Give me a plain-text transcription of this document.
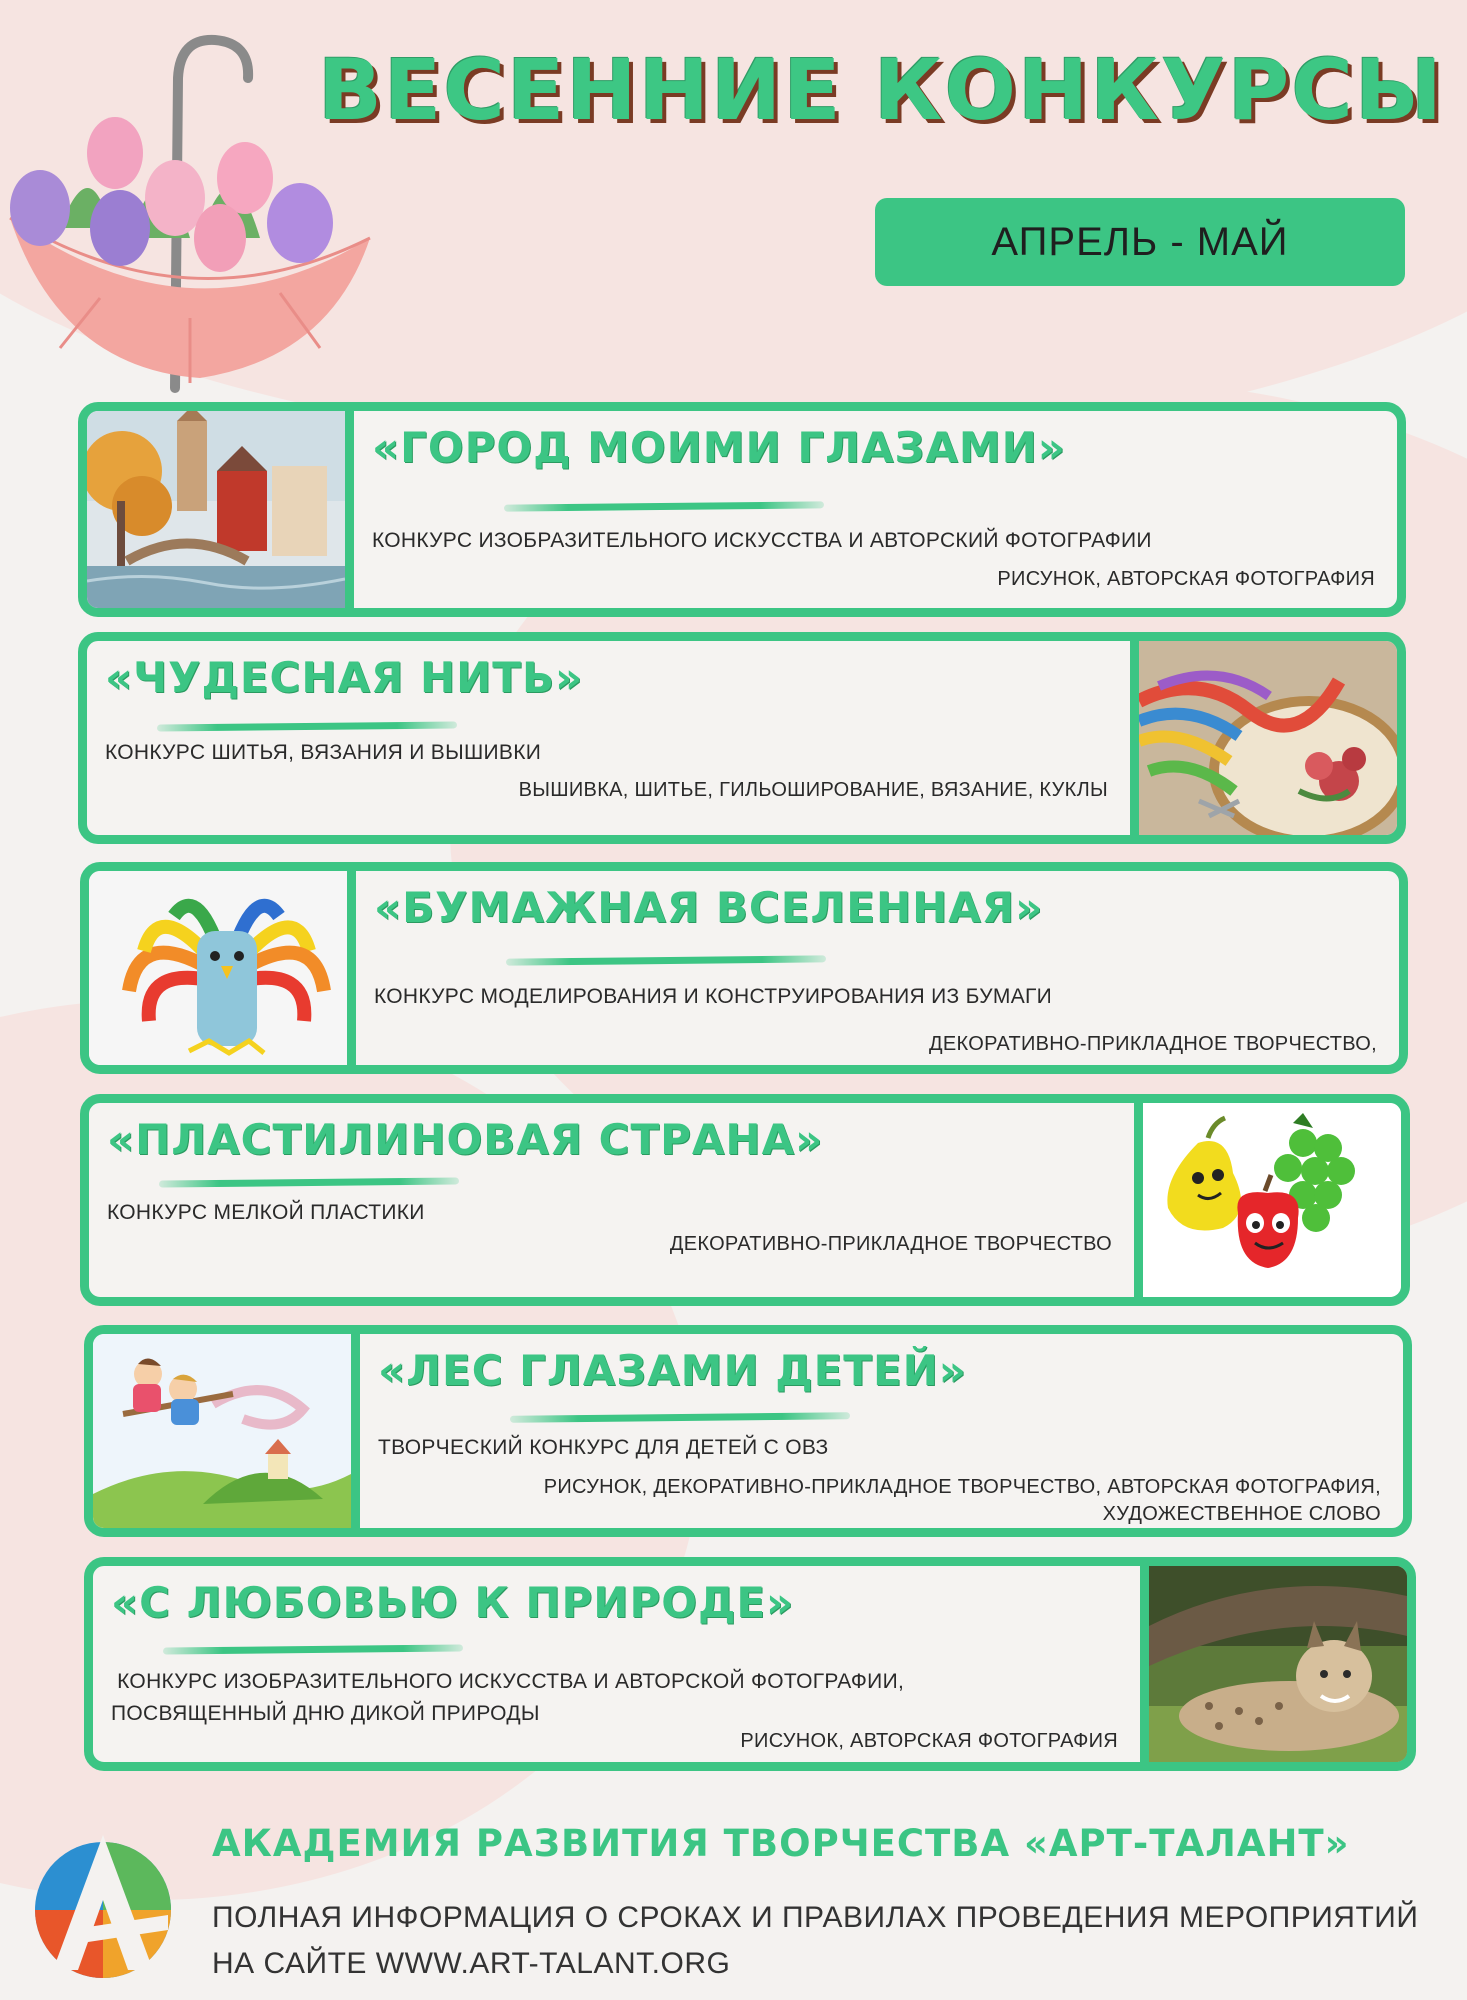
ВЕСЕННИЕ КОНКУРСЫ
АПРЕЛЬ - МАЙ
«ГОРОД МОИМИ ГЛАЗАМИ»
КОНКУРС ИЗОБРАЗИТЕЛЬНОГО ИСКУССТВА И АВТОРСКИЙ ФОТОГРАФИИ
РИСУНОК, АВТОРСКАЯ ФОТОГРАФИЯ
«ЧУДЕСНАЯ НИТЬ»
КОНКУРС ШИТЬЯ, ВЯЗАНИЯ И ВЫШИВКИ
ВЫШИВКА, ШИТЬЕ, ГИЛЬОШИРОВАНИЕ, ВЯЗАНИЕ, КУКЛЫ
«БУМАЖНАЯ ВСЕЛЕННАЯ»
КОНКУРС МОДЕЛИРОВАНИЯ И КОНСТРУИРОВАНИЯ ИЗ БУМАГИ
ДЕКОРАТИВНО-ПРИКЛАДНОЕ ТВОРЧЕСТВО,
«ПЛАСТИЛИНОВАЯ СТРАНА»
КОНКУРС МЕЛКОЙ ПЛАСТИКИ
ДЕКОРАТИВНО-ПРИКЛАДНОЕ ТВОРЧЕСТВО
«ЛЕС ГЛАЗАМИ ДЕТЕЙ»
ТВОРЧЕСКИЙ КОНКУРС ДЛЯ ДЕТЕЙ С ОВЗ
РИСУНОК, ДЕКОРАТИВНО-ПРИКЛАДНОЕ ТВОРЧЕСТВО, АВТОРСКАЯ ФОТОГРАФИЯ,
ХУДОЖЕСТВЕННОЕ СЛОВО
«С ЛЮБОВЬЮ К ПРИРОДЕ»
КОНКУРС ИЗОБРАЗИТЕЛЬНОГО ИСКУССТВА И АВТОРСКОЙ ФОТОГРАФИИ,
ПОСВЯЩЕННЫЙ ДНЮ ДИКОЙ ПРИРОДЫ
РИСУНОК, АВТОРСКАЯ ФОТОГРАФИЯ
АКАДЕМИЯ РАЗВИТИЯ ТВОРЧЕСТВА «АРТ-ТАЛАНТ»
ПОЛНАЯ ИНФОРМАЦИЯ О СРОКАХ И ПРАВИЛАХ ПРОВЕДЕНИЯ МЕРОПРИЯТИЙ
НА САЙТЕ WWW.ART-TALANT.ORG
